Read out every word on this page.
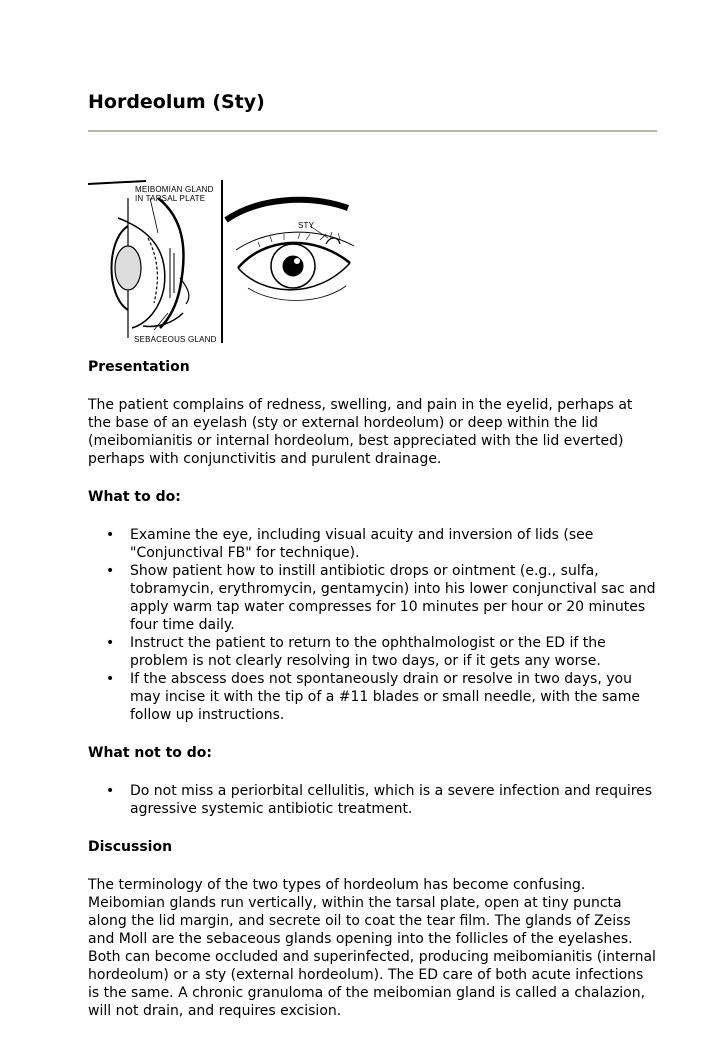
Hordeolum (Sty)
MEIBOMIAN GLAND
IN TARSAL PLATE
SEBACEOUS GLAND
STY
Presentation

The patient complains of redness, swelling, and pain in the eyelid, perhaps at the base of an eyelash (sty or external hordeolum) or deep within the lid (meibomianitis or internal hordeolum, best appreciated with the lid everted) perhaps with conjunctivitis and purulent drainage.

What to do:
• Examine the eye, including visual acuity and inversion of lids (see "Conjunctival FB" for technique).
• Show patient how to instill antibiotic drops or ointment (e.g., sulfa, tobramycin, erythromycin, gentamycin) into his lower conjunctival sac and apply warm tap water compresses for 10 minutes per hour or 20 minutes four time daily.
• Instruct the patient to return to the ophthalmologist or the ED if the problem is not clearly resolving in two days, or if it gets any worse.
• If the abscess does not spontaneously drain or resolve in two days, you may incise it with the tip of a #11 blades or small needle, with the same follow up instructions.
What not to do:
• Do not miss a periorbital cellulitis, which is a severe infection and requires agressive systemic antibiotic treatment.
Discussion

The terminology of the two types of hordeolum has become confusing. Meibomian glands run vertically, within the tarsal plate, open at tiny puncta along the lid margin, and secrete oil to coat the tear film. The glands of Zeiss and Moll are the sebaceous glands opening into the follicles of the eyelashes. Both can become occluded and superinfected, producing meibomianitis (internal hordeolum) or a sty (external hordeolum). The ED care of both acute infections is the same. A chronic granuloma of the meibomian gland is called a chalazion, will not drain, and requires excision.
